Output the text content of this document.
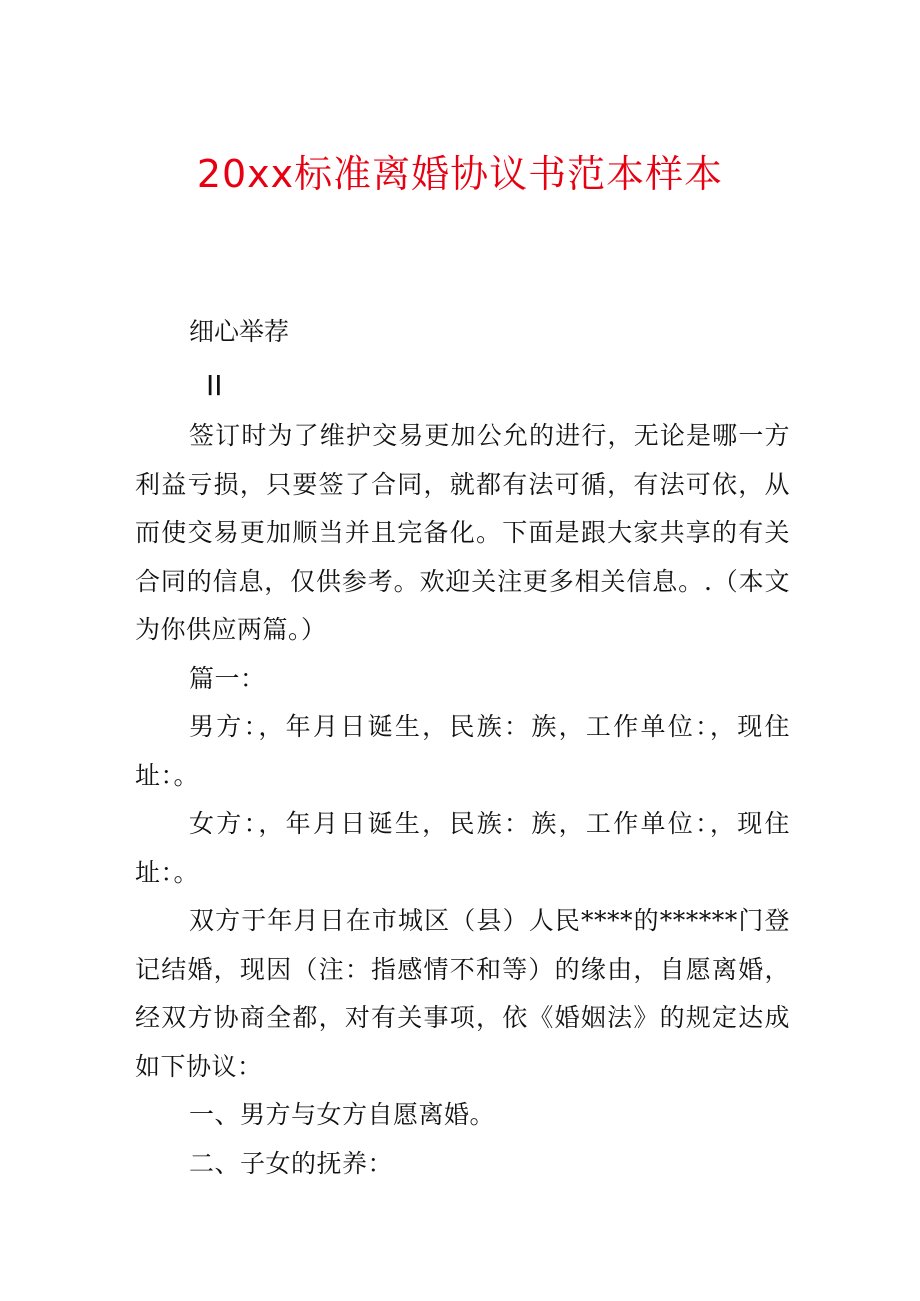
20xx标准离婚协议书范本样本

细心举荐

II

签订时为了维护交易更加公允的进行，无论是哪一方利益亏损，只要签了合同，就都有法可循，有法可依，从而使交易更加顺当并且完备化。下面是跟大家共享的有关合同的信息，仅供参考。欢迎关注更多相关信息。.（本文为你供应两篇。）

篇一：

男方：，年月日诞生，民族：族，工作单位：，现住址：。

女方：，年月日诞生，民族：族，工作单位：，现住址：。

双方于年月日在市城区（县）人民****的******门登记结婚，现因（注：指感情不和等）的缘由，自愿离婚，经双方协商全都，对有关事项，依《婚姻法》的规定达成如下协议：

一、男方与女方自愿离婚。

二、子女的抚养：
